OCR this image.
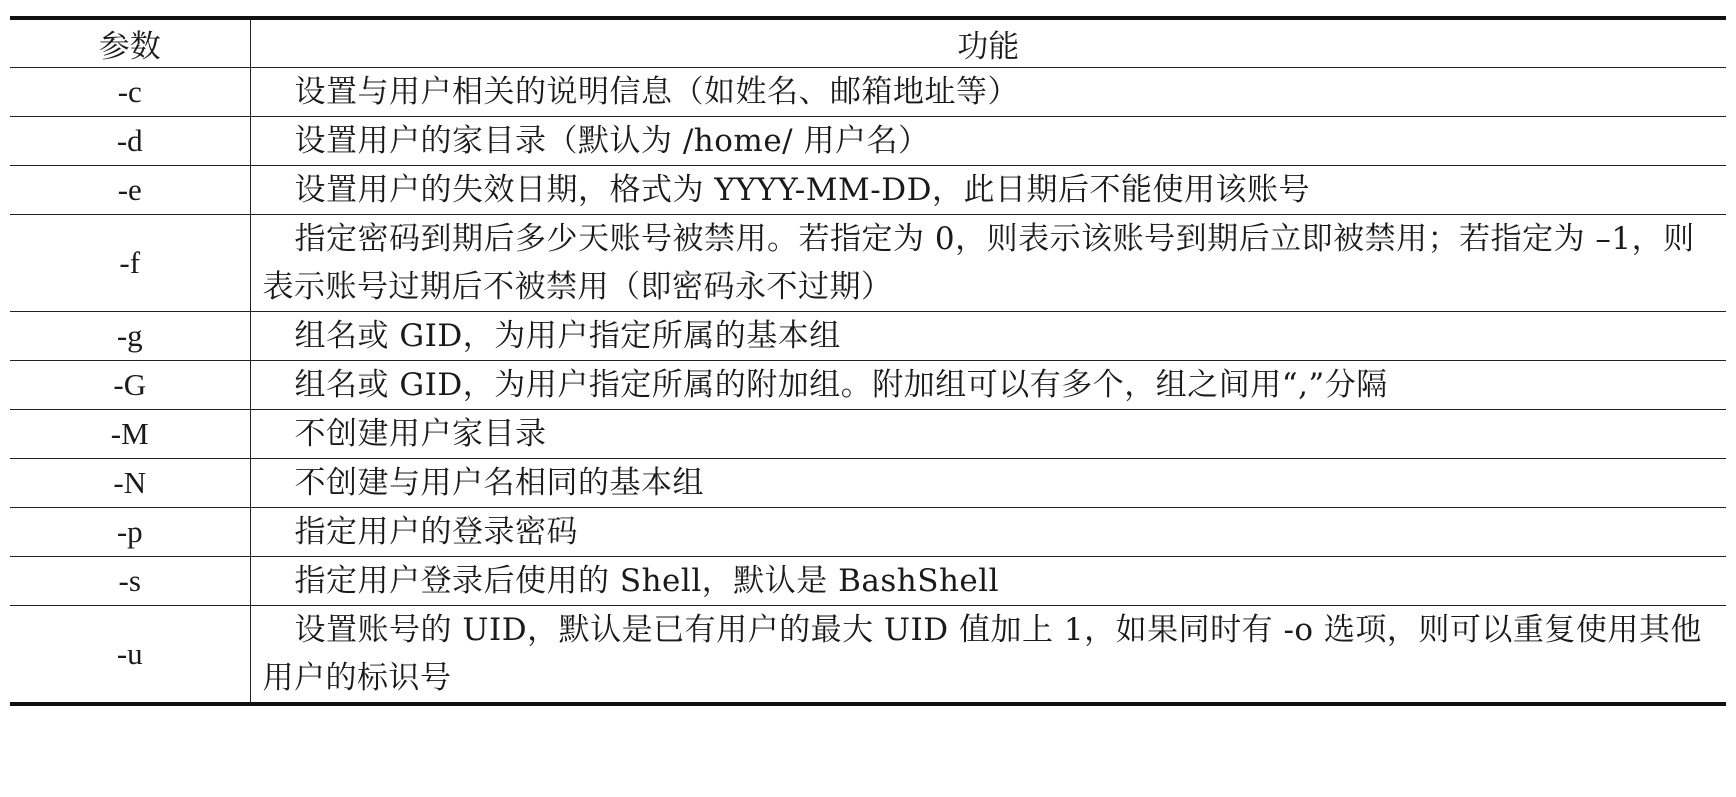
参数	功能
-c	设置与用户相关的说明信息（如姓名、邮箱地址等）
-d	设置用户的家目录（默认为 /home/ 用户名）
-e	设置用户的失效日期，格式为 YYYY-MM-DD，此日期后不能使用该账号
-f	指定密码到期后多少天账号被禁用。若指定为 0，则表示该账号到期后立即被禁用；若指定为 –1，则表示账号过期后不被禁用（即密码永不过期）
-g	组名或 GID，为用户指定所属的基本组
-G	组名或 GID，为用户指定所属的附加组。附加组可以有多个，组之间用“,”分隔
-M	不创建用户家目录
-N	不创建与用户名相同的基本组
-p	指定用户的登录密码
-s	指定用户登录后使用的 Shell，默认是 BashShell
-u	设置账号的 UID，默认是已有用户的最大 UID 值加上 1，如果同时有 -o 选项，则可以重复使用其他用户的标识号
